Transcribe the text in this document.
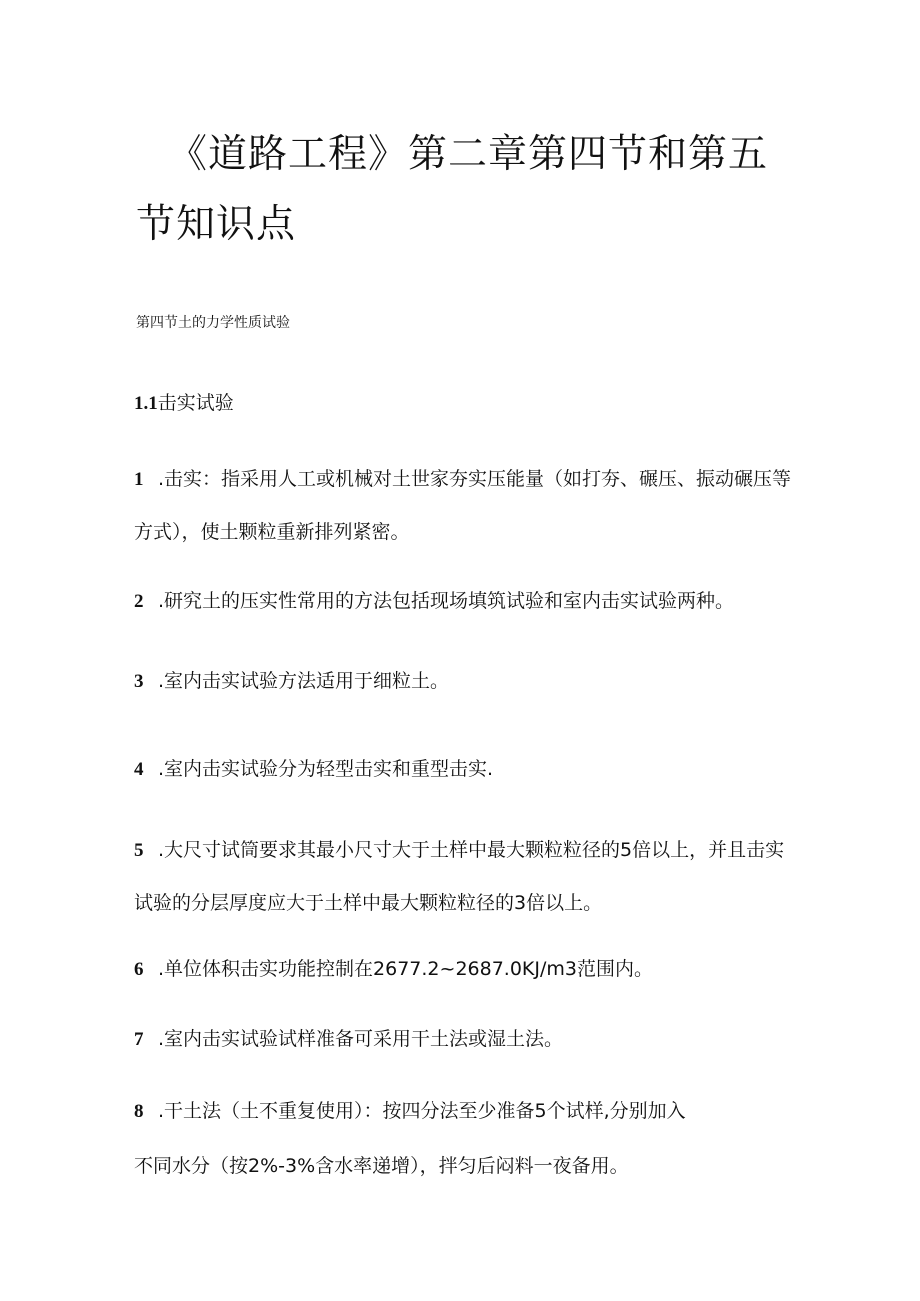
《道路工程》第二章第四节和第五节知识点

第四节土的力学性质试验

1.1击实试验

1 .击实：指采用人工或机械对土世家夯实压能量（如打夯、碾压、振动碾压等方式），使土颗粒重新排列紧密。

2 .研究土的压实性常用的方法包括现场填筑试验和室内击实试验两种。

3 .室内击实试验方法适用于细粒土。

4 .室内击实试验分为轻型击实和重型击实.

5 .大尺寸试筒要求其最小尺寸大于土样中最大颗粒粒径的5倍以上，并且击实试验的分层厚度应大于土样中最大颗粒粒径的3倍以上。

6 .单位体积击实功能控制在2677.2~2687.0KJ/m3范围内。

7 .室内击实试验试样准备可采用干土法或湿土法。

8 .干土法（土不重复使用）：按四分法至少准备5个试样,分别加入

不同水分（按2%-3%含水率递增），拌匀后闷料一夜备用。
